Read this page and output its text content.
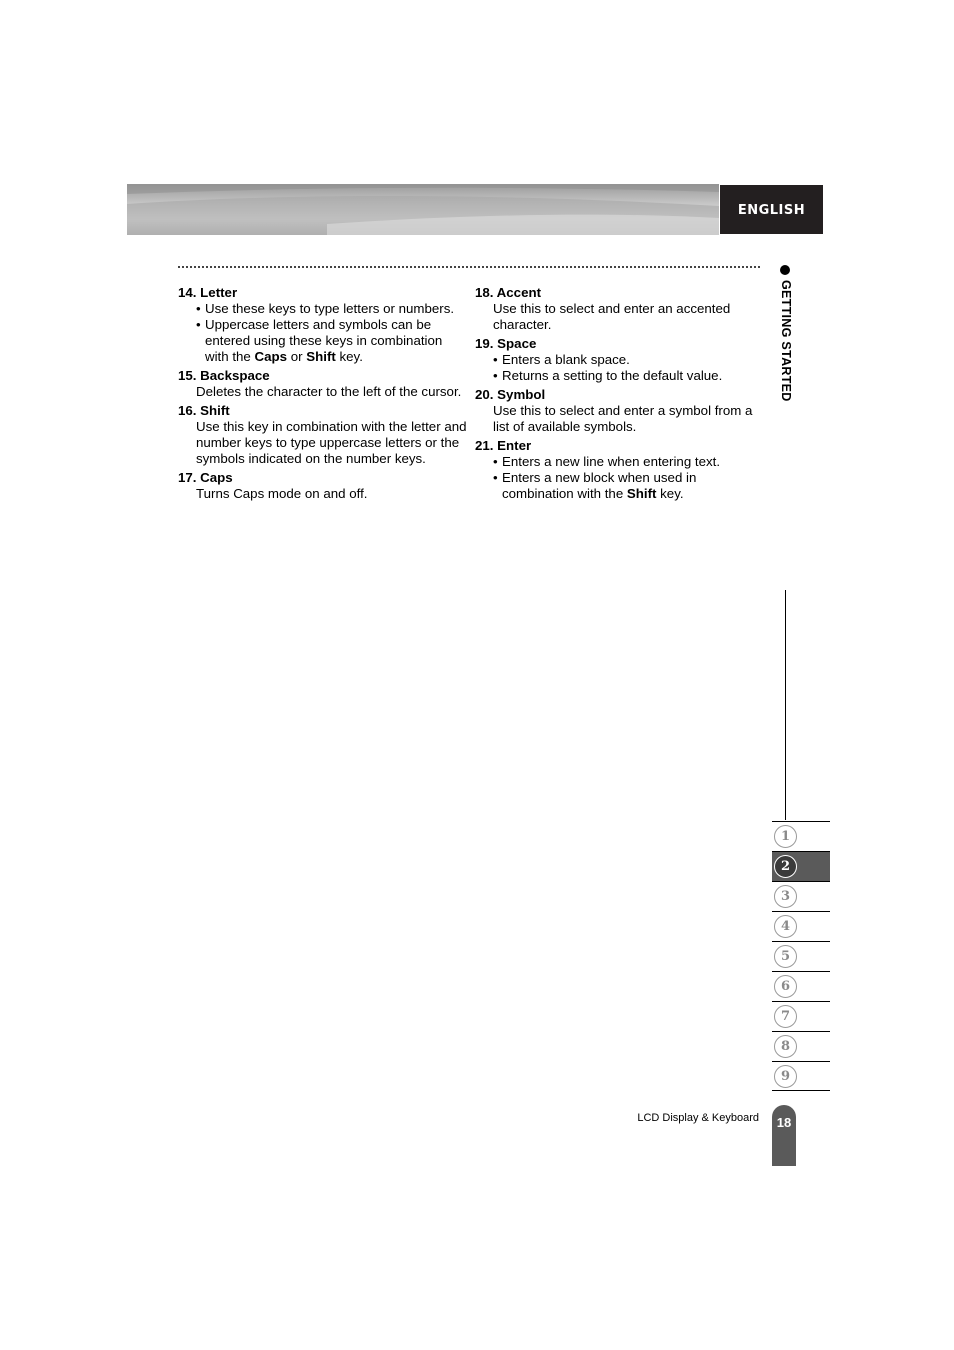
ENGLISH
14. Letter
• Use these keys to type letters or numbers.
• Uppercase letters and symbols can be entered using these keys in combination with the Caps or Shift key.
15. Backspace
Deletes the character to the left of the cursor.
16. Shift
Use this key in combination with the letter and number keys to type uppercase letters or the symbols indicated on the number keys.
17. Caps
Turns Caps mode on and off.
18. Accent
Use this to select and enter an accented character.
19. Space
• Enters a blank space.
• Returns a setting to the default value.
20. Symbol
Use this to select and enter a symbol from a list of available symbols.
21. Enter
• Enters a new line when entering text.
• Enters a new block when used in combination with the Shift key.
GETTING STARTED
1
2
3
4
5
6
7
8
9
LCD Display & Keyboard	18
